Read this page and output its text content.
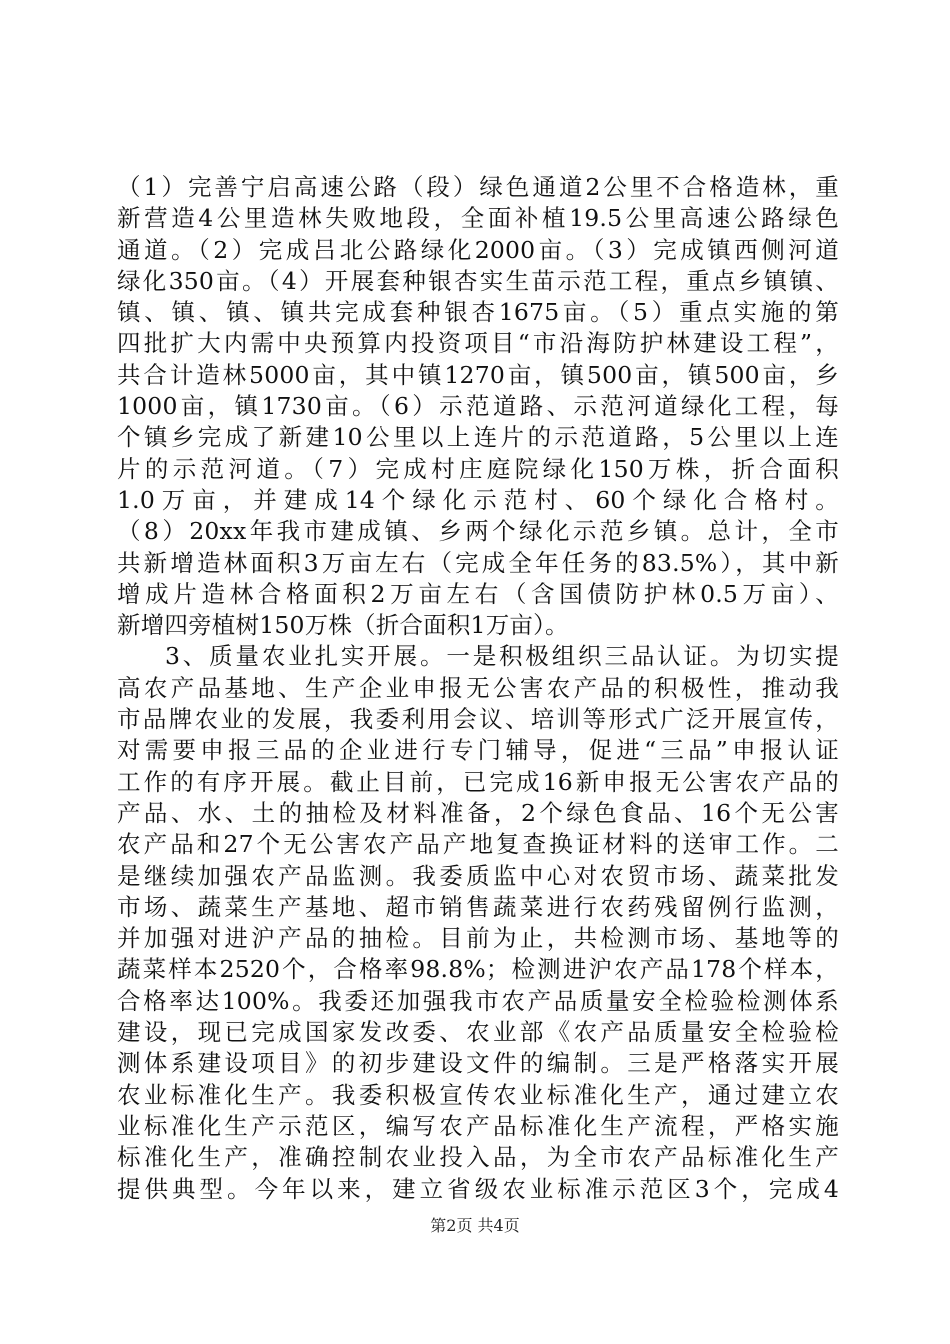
（1）完善宁启高速公路（段）绿色通道2公里不合格造林，重
新营造4公里造林失败地段，全面补植19.5公里高速公路绿色
通道。（2）完成吕北公路绿化2000亩。（3）完成镇西侧河道
绿化350亩。（4）开展套种银杏实生苗示范工程，重点乡镇镇、
镇、镇、镇、镇共完成套种银杏1675亩。（5）重点实施的第
四批扩大内需中央预算内投资项目“市沿海防护林建设工程”，
共合计造林5000亩，其中镇1270亩，镇500亩，镇500亩，乡
1000亩，镇1730亩。（6）示范道路、示范河道绿化工程，每
个镇乡完成了新建10公里以上连片的示范道路，5公里以上连
片的示范河道。（7）完成村庄庭院绿化150万株，折合面积
1.0万亩，并建成14个绿化示范村、60个绿化合格村。
（8）20xx年我市建成镇、乡两个绿化示范乡镇。总计，全市
共新增造林面积3万亩左右（完成全年任务的83.5%），其中新
增成片造林合格面积2万亩左右（含国债防护林0.5万亩）、
新增四旁植树150万株（折合面积1万亩）。
3、质量农业扎实开展。一是积极组织三品认证。为切实提
高农产品基地、生产企业申报无公害农产品的积极性，推动我
市品牌农业的发展，我委利用会议、培训等形式广泛开展宣传，
对需要申报三品的企业进行专门辅导，促进“三品”申报认证
工作的有序开展。截止目前，已完成16新申报无公害农产品的
产品、水、土的抽检及材料准备，2个绿色食品、16个无公害
农产品和27个无公害农产品产地复查换证材料的送审工作。二
是继续加强农产品监测。我委质监中心对农贸市场、蔬菜批发
市场、蔬菜生产基地、超市销售蔬菜进行农药残留例行监测，
并加强对进沪产品的抽检。目前为止，共检测市场、基地等的
蔬菜样本2520个，合格率98.8%；检测进沪农产品178个样本，
合格率达100%。我委还加强我市农产品质量安全检验检测体系
建设，现已完成国家发改委、农业部《农产品质量安全检验检
测体系建设项目》的初步建设文件的编制。三是严格落实开展
农业标准化生产。我委积极宣传农业标准化生产，通过建立农
业标准化生产示范区，编写农产品标准化生产流程，严格实施
标准化生产，准确控制农业投入品，为全市农产品标准化生产
提供典型。今年以来，建立省级农业标准示范区3个，完成4
第2页 共4页
